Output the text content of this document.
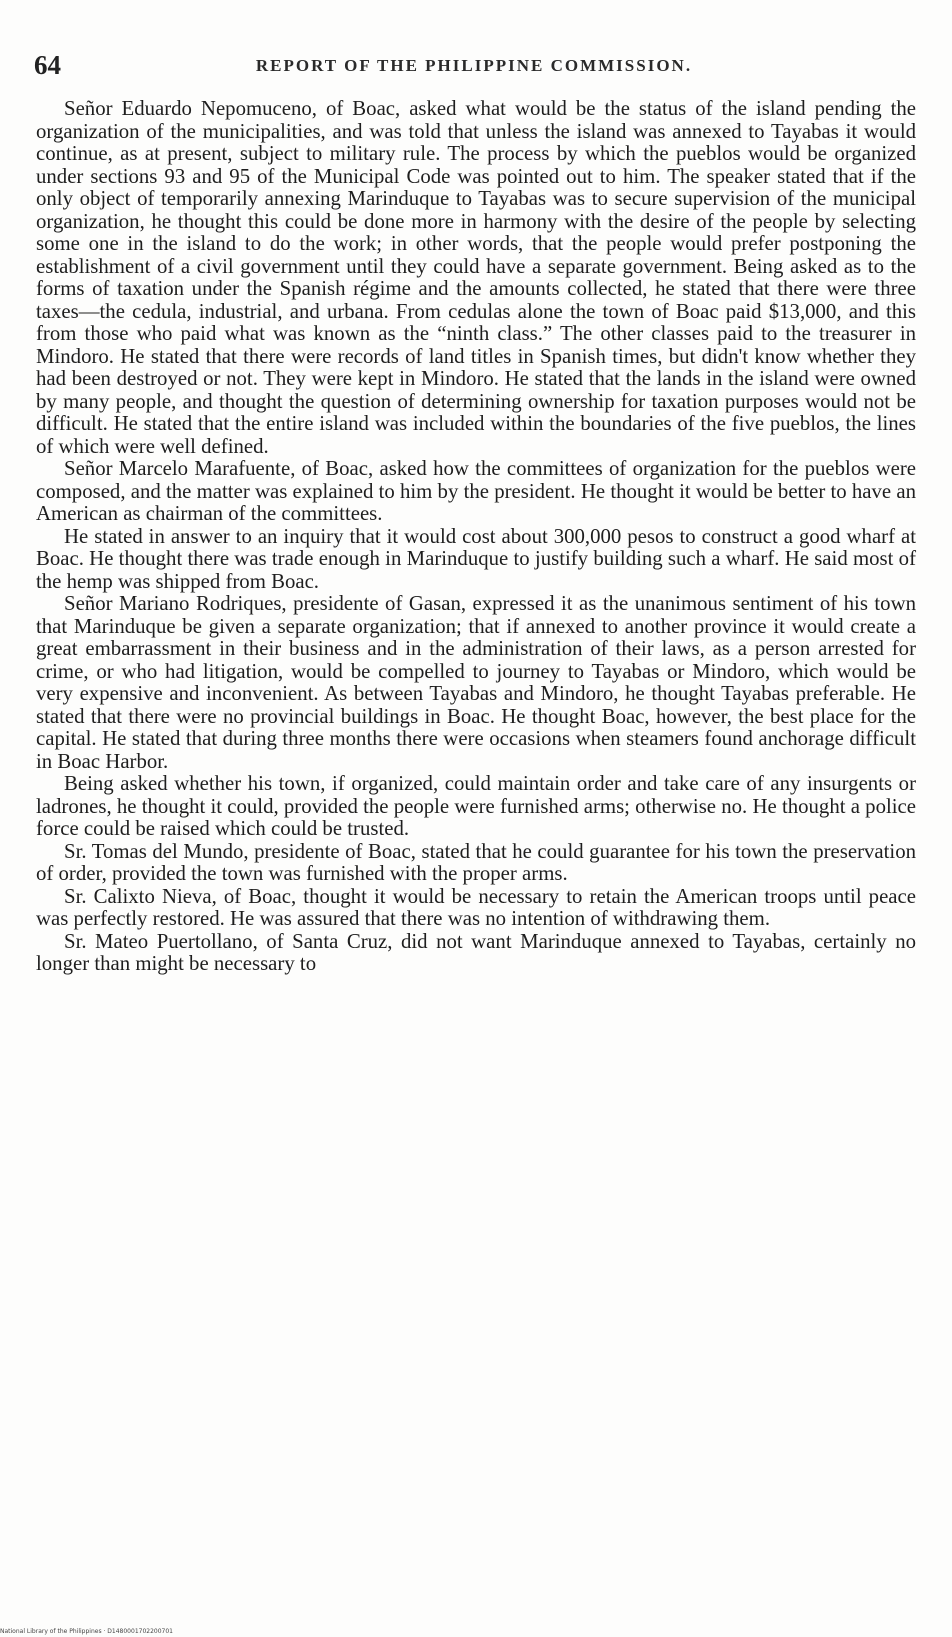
64	REPORT OF THE PHILIPPINE COMMISSION.

Señor Eduardo Nepomuceno, of Boac, asked what would be the status of the island pending the organization of the municipalities, and was told that unless the island was annexed to Tayabas it would continue, as at present, subject to military rule. The process by which the pueblos would be organized under sections 93 and 95 of the Municipal Code was pointed out to him. The speaker stated that if the only object of temporarily annexing Marinduque to Tayabas was to secure supervision of the municipal organization, he thought this could be done more in harmony with the desire of the people by selecting some one in the island to do the work; in other words, that the people would prefer postponing the establishment of a civil government until they could have a separate government. Being asked as to the forms of taxation under the Spanish régime and the amounts collected, he stated that there were three taxes—the cedula, industrial, and urbana. From cedulas alone the town of Boac paid $13,000, and this from those who paid what was known as the “ninth class.” The other classes paid to the treasurer in Mindoro. He stated that there were records of land titles in Spanish times, but didn't know whether they had been destroyed or not. They were kept in Mindoro. He stated that the lands in the island were owned by many people, and thought the question of determining ownership for taxation purposes would not be difficult. He stated that the entire island was included within the boundaries of the five pueblos, the lines of which were well defined.

Señor Marcelo Marafuente, of Boac, asked how the committees of organization for the pueblos were composed, and the matter was explained to him by the president. He thought it would be better to have an American as chairman of the committees.

He stated in answer to an inquiry that it would cost about 300,000 pesos to construct a good wharf at Boac. He thought there was trade enough in Marinduque to justify building such a wharf. He said most of the hemp was shipped from Boac.

Señor Mariano Rodriques, presidente of Gasan, expressed it as the unanimous sentiment of his town that Marinduque be given a separate organization; that if annexed to another province it would create a great embarrassment in their business and in the administration of their laws, as a person arrested for crime, or who had litigation, would be compelled to journey to Tayabas or Mindoro, which would be very expensive and inconvenient. As between Tayabas and Mindoro, he thought Tayabas preferable. He stated that there were no provincial buildings in Boac. He thought Boac, however, the best place for the capital. He stated that during three months there were occasions when steamers found anchorage difficult in Boac Harbor.

Being asked whether his town, if organized, could maintain order and take care of any insurgents or ladrones, he thought it could, provided the people were furnished arms; otherwise no. He thought a police force could be raised which could be trusted.

Sr. Tomas del Mundo, presidente of Boac, stated that he could guarantee for his town the preservation of order, provided the town was furnished with the proper arms.

Sr. Calixto Nieva, of Boac, thought it would be necessary to retain the American troops until peace was perfectly restored. He was assured that there was no intention of withdrawing them.

Sr. Mateo Puertollano, of Santa Cruz, did not want Marinduque annexed to Tayabas, certainly no longer than might be necessary to

National Library of the Philippines · D1480001702200701
